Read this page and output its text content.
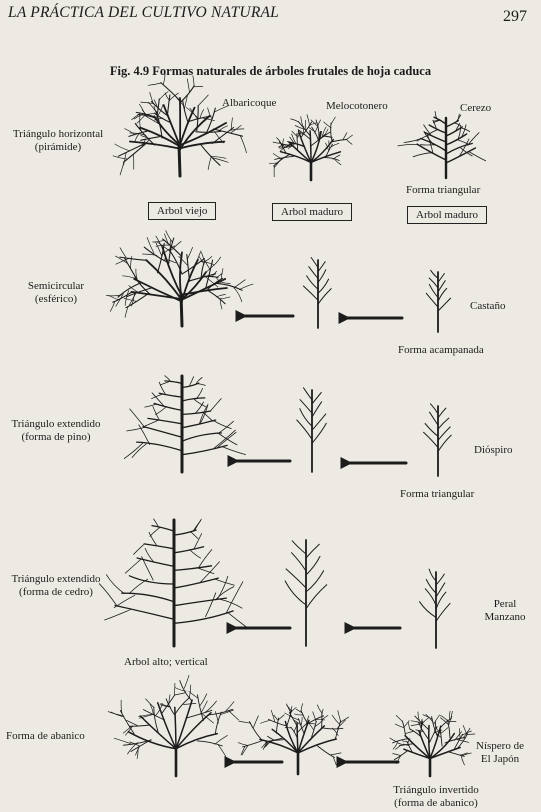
LA PRÁCTICA DEL CULTIVO NATURAL	297
Fig. 4.9 Formas naturales de árboles frutales de hoja caduca
Triángulo horizontal
(pirámide)
Albaricoque	Melocotonero	Cerezo
Forma triangular
Arbol viejo	Arbol maduro	Arbol maduro
Semicircular
(esférico)
Castaño
Forma acampanada
Triángulo extendido
(forma de pino)
Diόspiro
Forma triangular
Triángulo extendido
(forma de cedro)
Peral
Manzano
Arbol alto; vertical
Forma de abanico
Níspero de
El Japón
Triángulo invertido
(forma de abanico)
